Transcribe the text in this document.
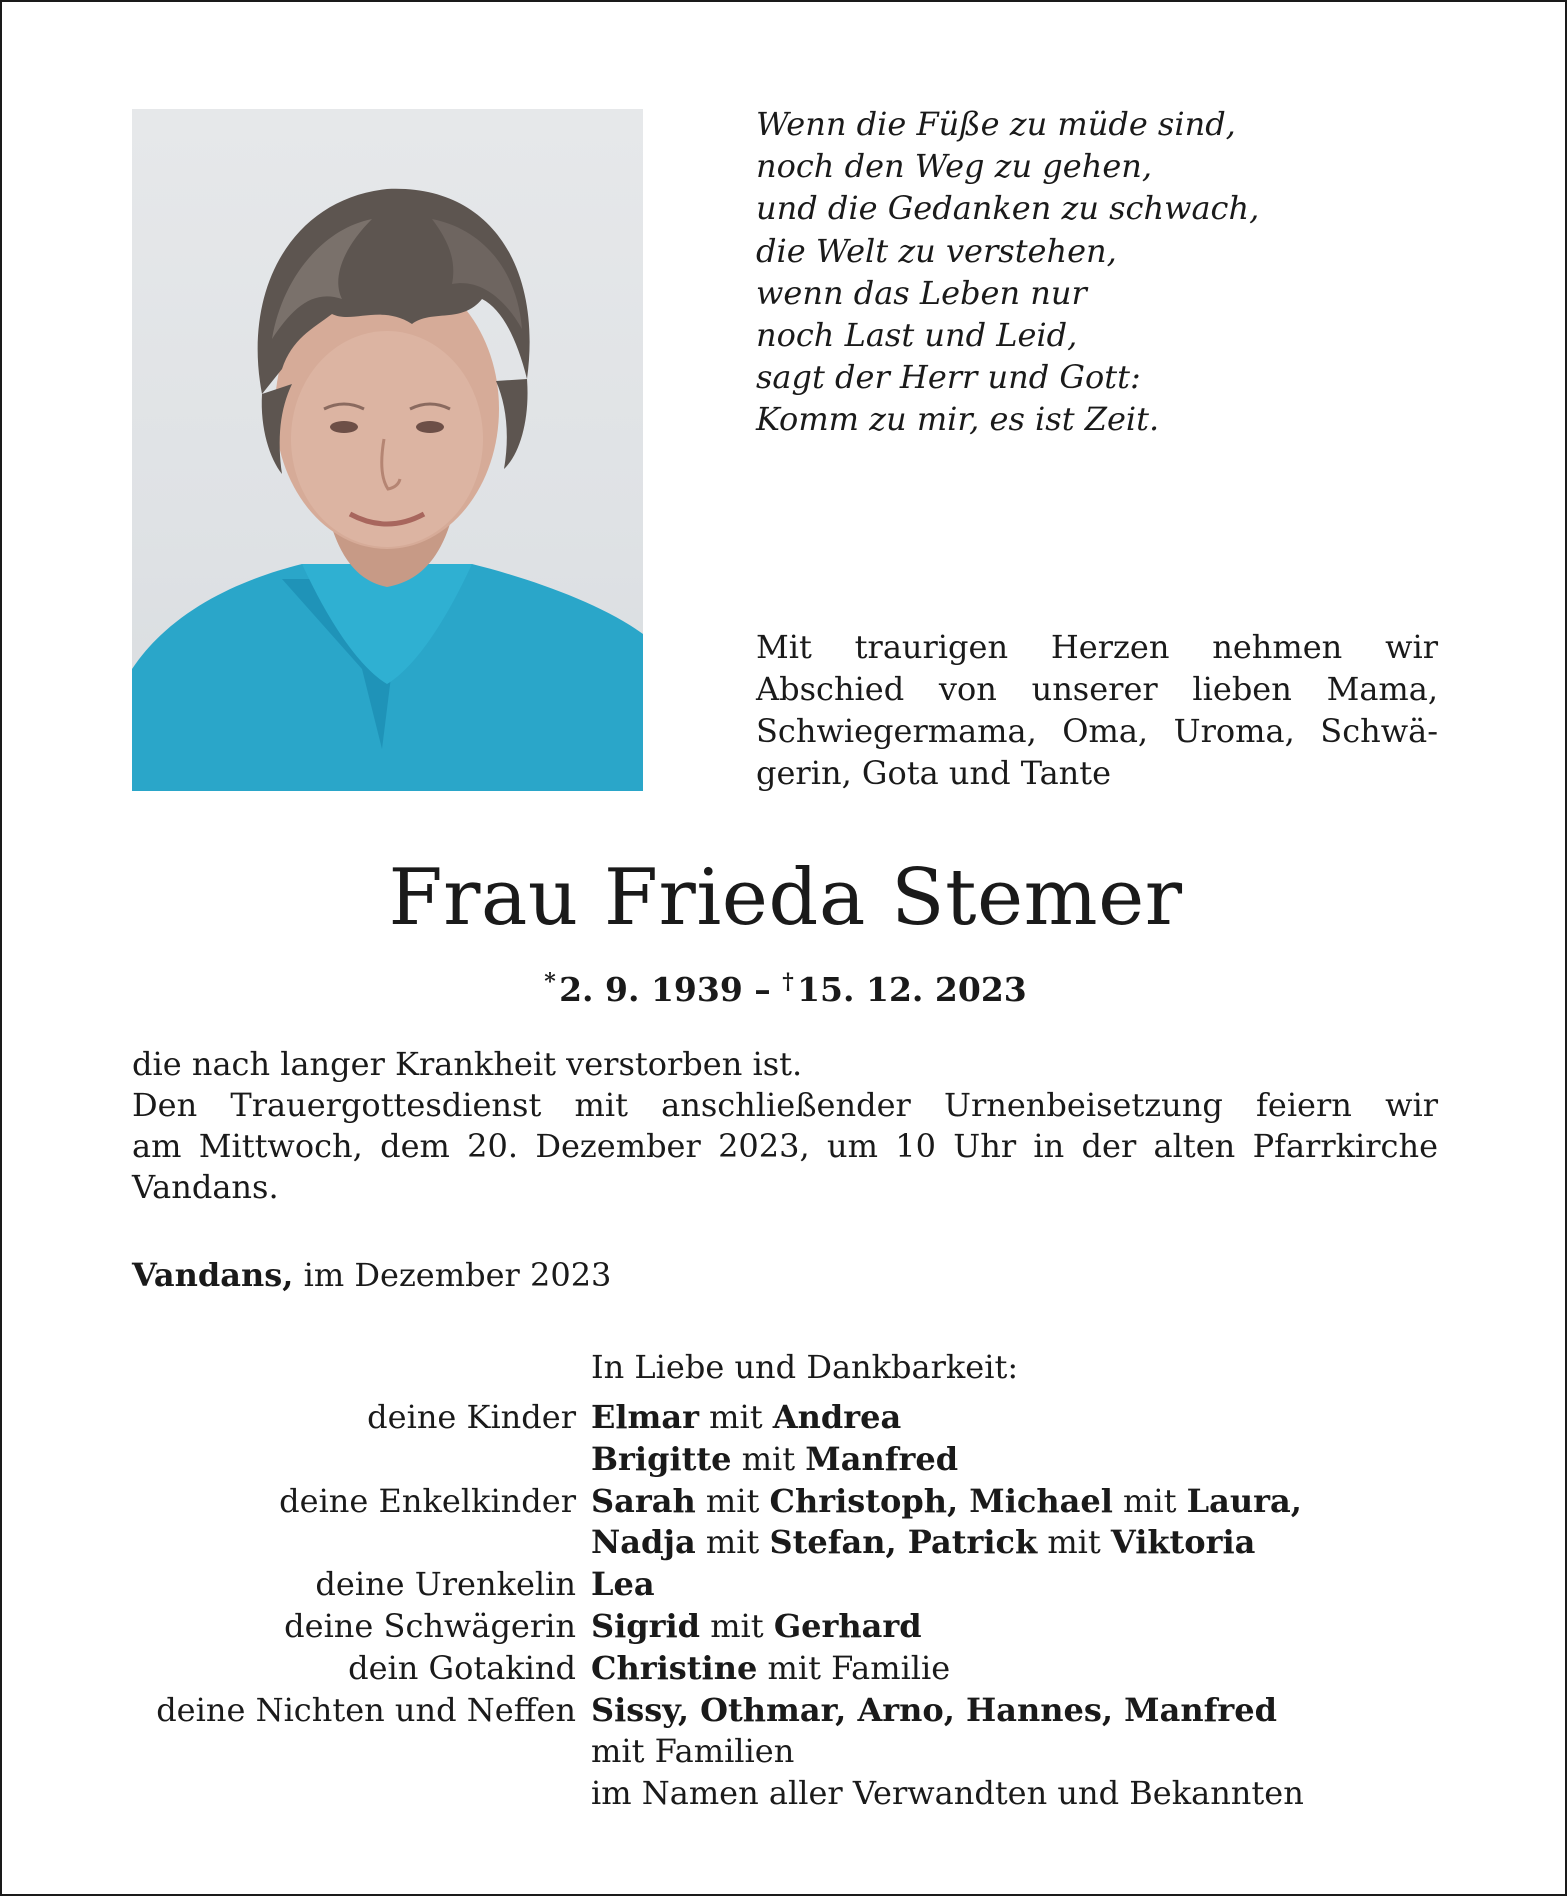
Wenn die Füße zu müde sind,
noch den Weg zu gehen,
und die Gedanken zu schwach,
die Welt zu verstehen,
wenn das Leben nur
noch Last und Leid,
sagt der Herr und Gott:
Komm zu mir, es ist Zeit.
Mit traurigen Herzen nehmen wir
Abschied von unserer lieben Mama,
Schwiegermama, Oma, Uroma, Schwä-
gerin, Gota und Tante
Frau Frieda Stemer
* 2. 9. 1939 – † 15. 12. 2023
die nach langer Krankheit verstorben ist.
Den Trauergottesdienst mit anschließender Urnenbeisetzung feiern wir
am Mittwoch, dem 20. Dezember 2023, um 10 Uhr in der alten Pfarrkirche
Vandans.
Vandans, im Dezember 2023
In Liebe und Dankbarkeit:
deine Kinder Elmar mit Andrea
Brigitte mit Manfred
deine Enkelkinder Sarah mit Christoph, Michael mit Laura,
Nadja mit Stefan, Patrick mit Viktoria
deine Urenkelin Lea
deine Schwägerin Sigrid mit Gerhard
dein Gotakind Christine mit Familie
deine Nichten und Neffen Sissy, Othmar, Arno, Hannes, Manfred
mit Familien
im Namen aller Verwandten und Bekannten
